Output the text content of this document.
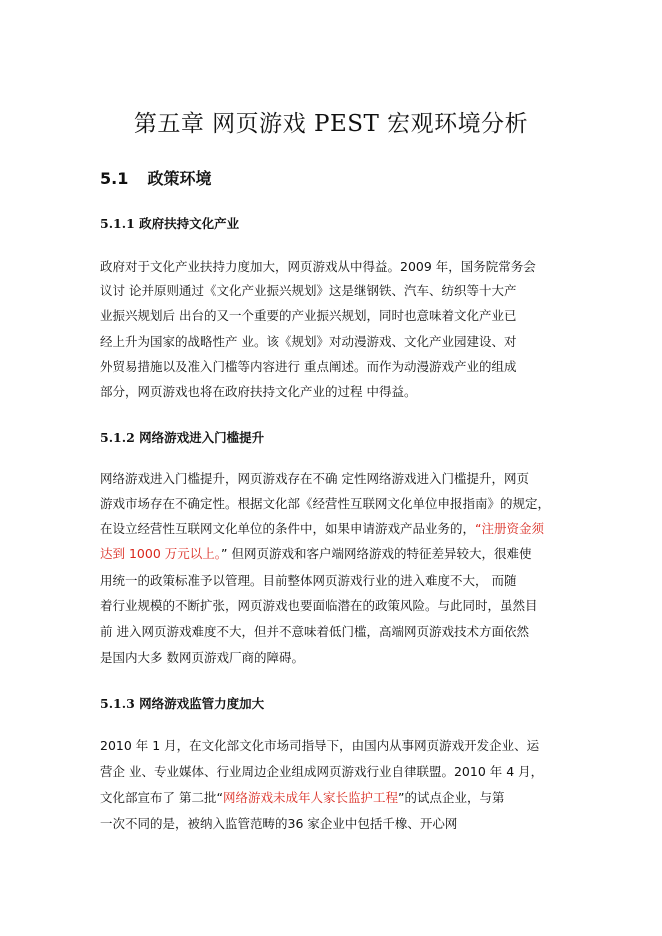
第五章 网页游戏 PEST 宏观环境分析
5.1 政策环境
5.1.1 政府扶持文化产业

政府对于文化产业扶持力度加大，网页游戏从中得益。2009 年，国务院常务会

议讨 论并原则通过《文化产业振兴规划》这是继钢铁、汽车、纺织等十大产

业振兴规划后 出台的又一个重要的产业振兴规划，同时也意味着文化产业已

经上升为国家的战略性产 业。该《规划》对动漫游戏、文化产业园建设、对

外贸易措施以及准入门槛等内容进行 重点阐述。而作为动漫游戏产业的组成

部分，网页游戏也将在政府扶持文化产业的过程 中得益。

5.1.2 网络游戏进入门槛提升

网络游戏进入门槛提升，网页游戏存在不确 定性网络游戏进入门槛提升，网页

游戏市场存在不确定性。根据文化部《经营性互联网文化单位申报指南》的规定，

在设立经营性互联网文化单位的条件中，如果申请游戏产品业务的，“注册资金须

达到 1000 万元以上。” 但网页游戏和客户端网络游戏的特征差异较大，很难使

用统一的政策标准予以管理。目前整体网页游戏行业的进入难度不大， 而随

着行业规模的不断扩张，网页游戏也要面临潜在的政策风险。与此同时，虽然目

前 进入网页游戏难度不大，但并不意味着低门槛，高端网页游戏技术方面依然

是国内大多 数网页游戏厂商的障碍。

5.1.3 网络游戏监管力度加大

2010 年 1 月，在文化部文化市场司指导下，由国内从事网页游戏开发企业、运

营企 业、专业媒体、行业周边企业组成网页游戏行业自律联盟。2010 年 4 月，

文化部宣布了 第二批“网络游戏未成年人家长监护工程”的试点企业，与第

一次不同的是，被纳入监管范畴的36 家企业中包括千橡、开心网
